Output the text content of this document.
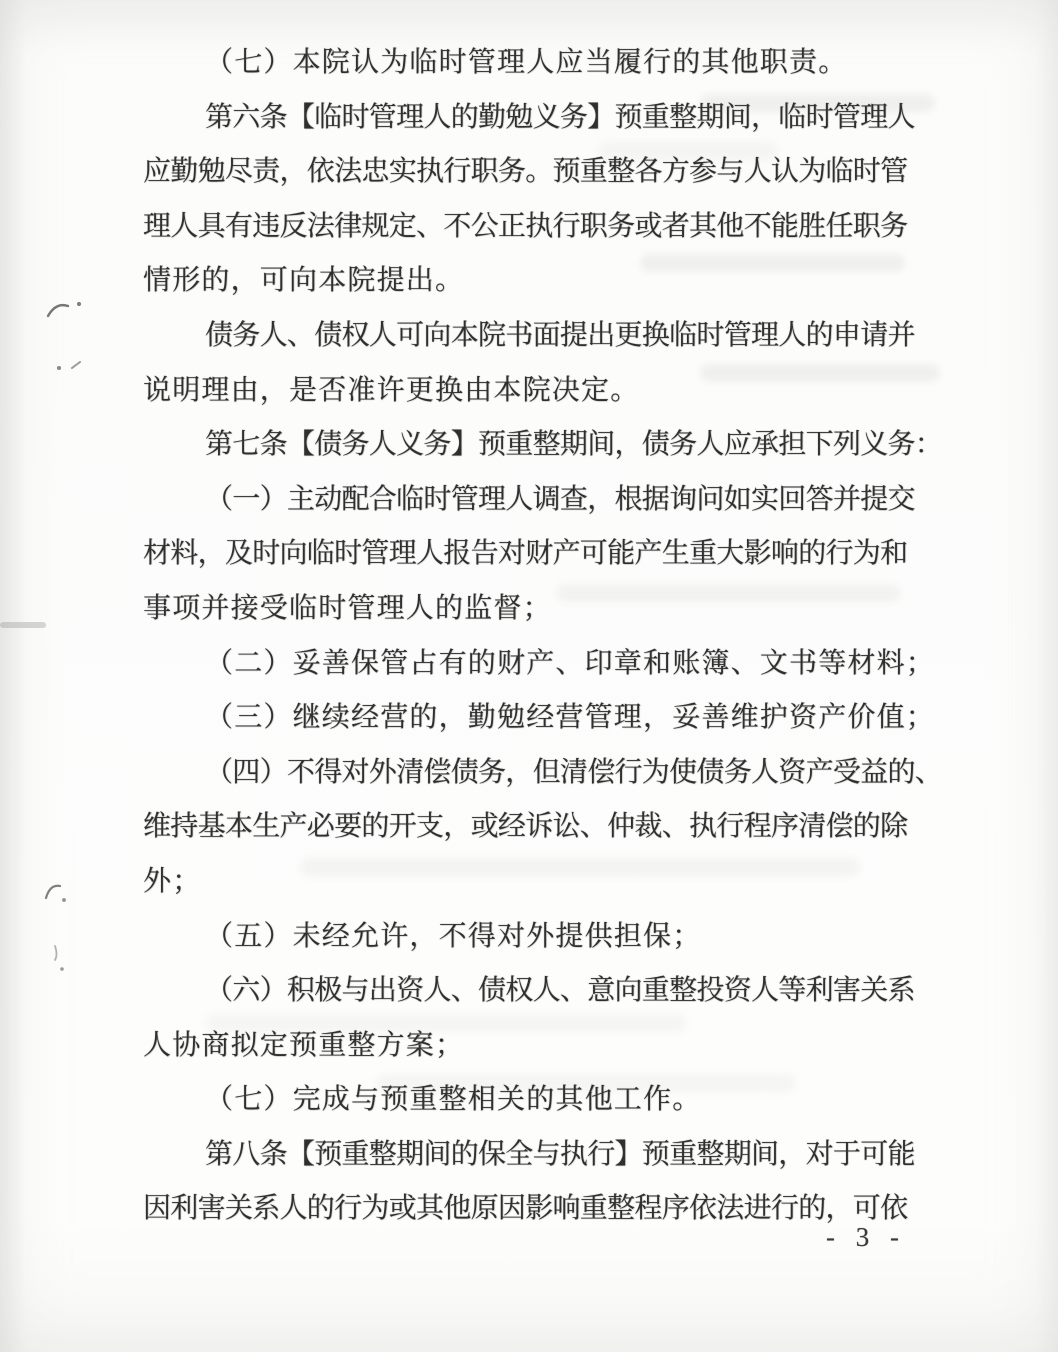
（七）本院认为临时管理人应当履行的其他职责。
第六条【临时管理人的勤勉义务】预重整期间，临时管理人
应勤勉尽责，依法忠实执行职务。预重整各方参与人认为临时管
理人具有违反法律规定、不公正执行职务或者其他不能胜任职务
情形的，可向本院提出。
债务人、债权人可向本院书面提出更换临时管理人的申请并
说明理由，是否准许更换由本院决定。
第七条【债务人义务】预重整期间，债务人应承担下列义务：
（一）主动配合临时管理人调查，根据询问如实回答并提交
材料，及时向临时管理人报告对财产可能产生重大影响的行为和
事项并接受临时管理人的监督；
（二）妥善保管占有的财产、印章和账簿、文书等材料；
（三）继续经营的，勤勉经营管理，妥善维护资产价值；
（四）不得对外清偿债务，但清偿行为使债务人资产受益的、
维持基本生产必要的开支，或经诉讼、仲裁、执行程序清偿的除
外；
（五）未经允许，不得对外提供担保；
（六）积极与出资人、债权人、意向重整投资人等利害关系
人协商拟定预重整方案；
（七）完成与预重整相关的其他工作。
第八条【预重整期间的保全与执行】预重整期间，对于可能
因利害关系人的行为或其他原因影响重整程序依法进行的，可依
- 3 -
